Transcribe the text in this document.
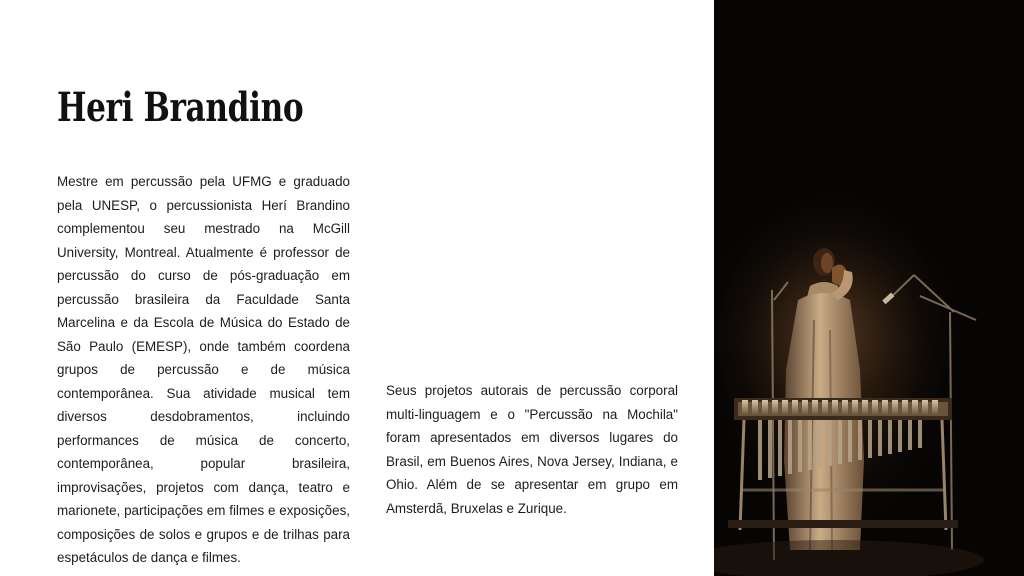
Heri Brandino

Mestre em percussão pela UFMG e graduado pela UNESP, o percussionista Herí Brandino complementou seu mestrado na McGill University, Montreal. Atualmente é professor de percussão do curso de pós-graduação em percussão brasileira da Faculdade Santa Marcelina e da Escola de Música do Estado de São Paulo (EMESP), onde também coordena grupos de percussão e de música contemporânea. Sua atividade musical tem diversos desdobramentos, incluindo performances de música de concerto, contemporânea, popular brasileira, improvisações, projetos com dança, teatro e marionete, participações em filmes e exposições, composições de solos e grupos e de trilhas para espetáculos de dança e filmes.

Seus projetos autorais de percussão corporal multi-linguagem e o "Percussão na Mochila" foram apresentados em diversos lugares do Brasil, em Buenos Aires, Nova Jersey, Indiana, e Ohio. Além de se apresentar em grupo em Amsterdã, Bruxelas e Zurique.
